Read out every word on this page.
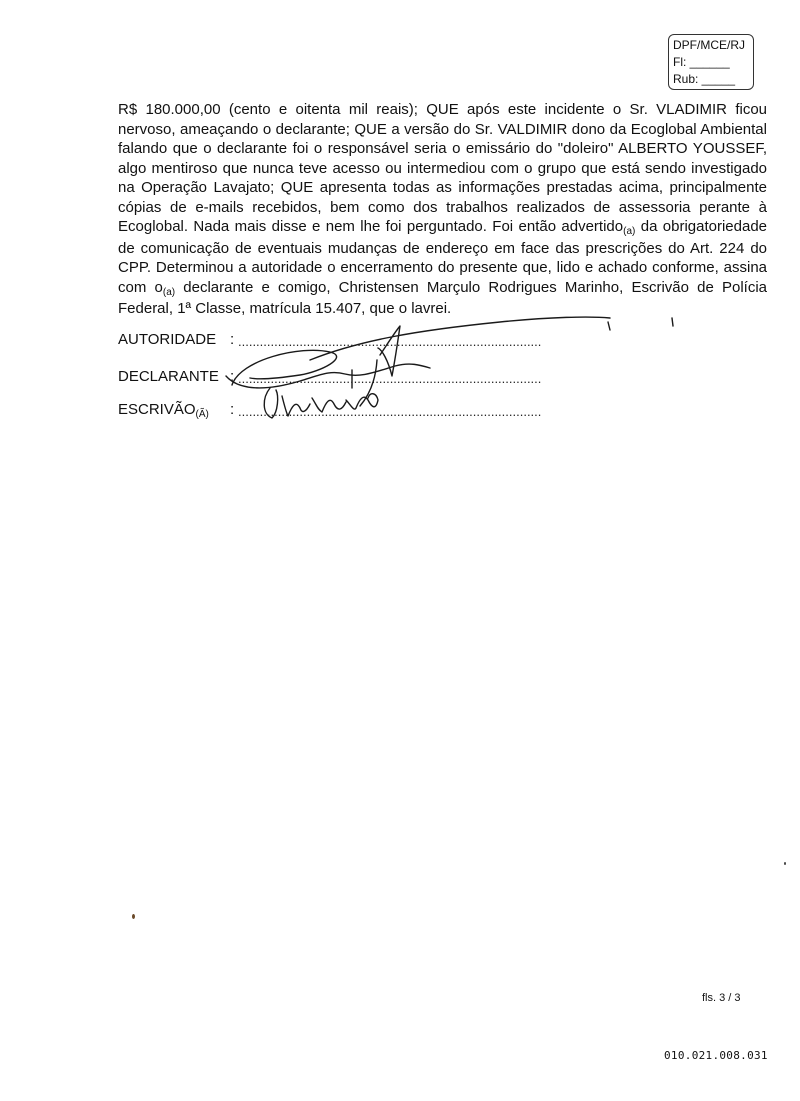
DPF/MCE/RJ
Fl: ______
Rub: _____

R$ 180.000,00 (cento e oitenta mil reais); QUE após este incidente o Sr. VLADIMIR ficou nervoso, ameaçando o declarante; QUE a versão do Sr. VALDIMIR dono da Ecoglobal Ambiental falando que o declarante foi o responsável seria o emissário do "doleiro" ALBERTO YOUSSEF, algo mentiroso que nunca teve acesso ou intermediou com o grupo que está sendo investigado na Operação Lavajato; QUE apresenta todas as informações prestadas acima, principalmente cópias de e-mails recebidos, bem como dos trabalhos realizados de assessoria perante à Ecoglobal. Nada mais disse e nem lhe foi perguntado. Foi então advertido$_{(a)}$ da obrigatoriedade de comunicação de eventuais mudanças de endereço em face das prescrições do Art. 224 do CPP. Determinou a autoridade o encerramento do presente que, lido e achado conforme, assina com $o_{(a)}$ declarante e comigo, Christensen Marçulo Rodrigues Marinho, Escrivão de Polícia Federal, 1ª Classe, matrícula 15.407, que o lavrei.

AUTORIDADE : ....................................................................................
DECLARANTE : ....................................................................................
$ESCRIVÃO_{(Ã)}$ : ....................................................................................
fls. 3 / 3
010.021.008.031
